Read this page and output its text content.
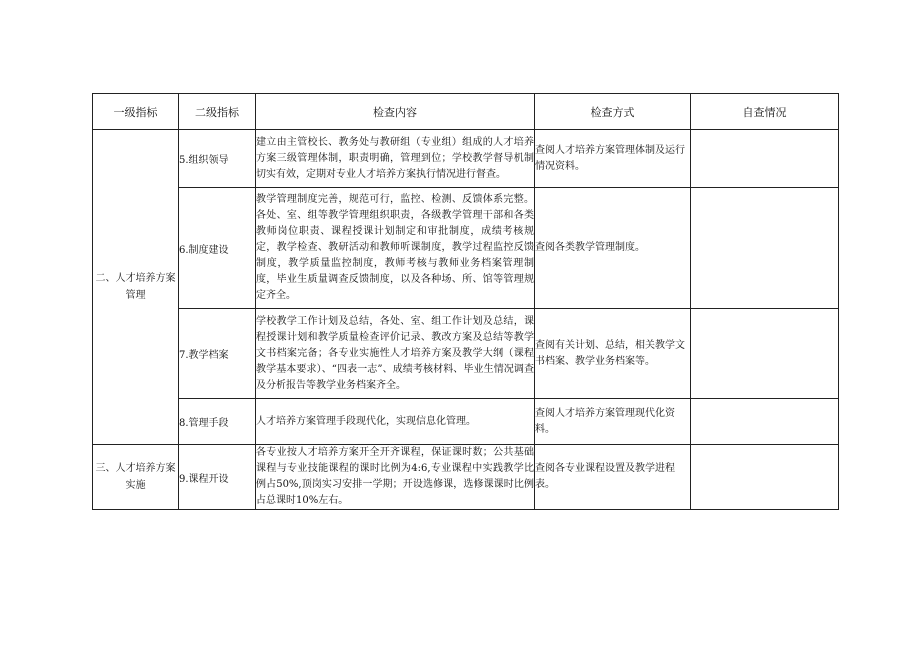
一级指标	二级指标	检查内容	检查方式	自查情况
二、人才培养方案管理	5.组织领导	建立由主管校长、教务处与教研组（专业组）组成的人才培养方案三级管理体制，职责明确，管理到位；学校教学督导机制切实有效，定期对专业人才培养方案执行情况进行督查。	查阅人才培养方案管理体制及运行情况资料。	
	6.制度建设	教学管理制度完善，规范可行，监控、检测、反馈体系完整。各处、室、组等教学管理组织职责，各级教学管理干部和各类教师岗位职责、课程授课计划制定和审批制度，成绩考核规定，教学检查、教研活动和教师听课制度，教学过程监控反馈制度，教学质量监控制度，教师考核与教师业务档案管理制度，毕业生质量调查反馈制度，以及各种场、所、馆等管理规定齐全。	查阅各类教学管理制度。	
	7.教学档案	学校教学工作计划及总结，各处、室、组工作计划及总结，课程授课计划和教学质量检查评价记录、教改方案及总结等教学文书档案完备；各专业实施性人才培养方案及教学大纲（课程教学基本要求）、“四表一志”、成绩考核材料、毕业生情况调查及分析报告等教学业务档案齐全。	查阅有关计划、总结，相关教学文书档案、教学业务档案等。	
	8.管理手段	人才培养方案管理手段现代化，实现信息化管理。	查阅人才培养方案管理现代化资料。	
三、人才培养方案实施	9.课程开设	各专业按人才培养方案开全开齐课程，保证课时数；公共基础课程与专业技能课程的课时比例为4:6,专业课程中实践教学比例占50%,顶岗实习安排一学期；开设选修课，选修课课时比例占总课时10%左右。	查阅各专业课程设置及教学进程表。	
